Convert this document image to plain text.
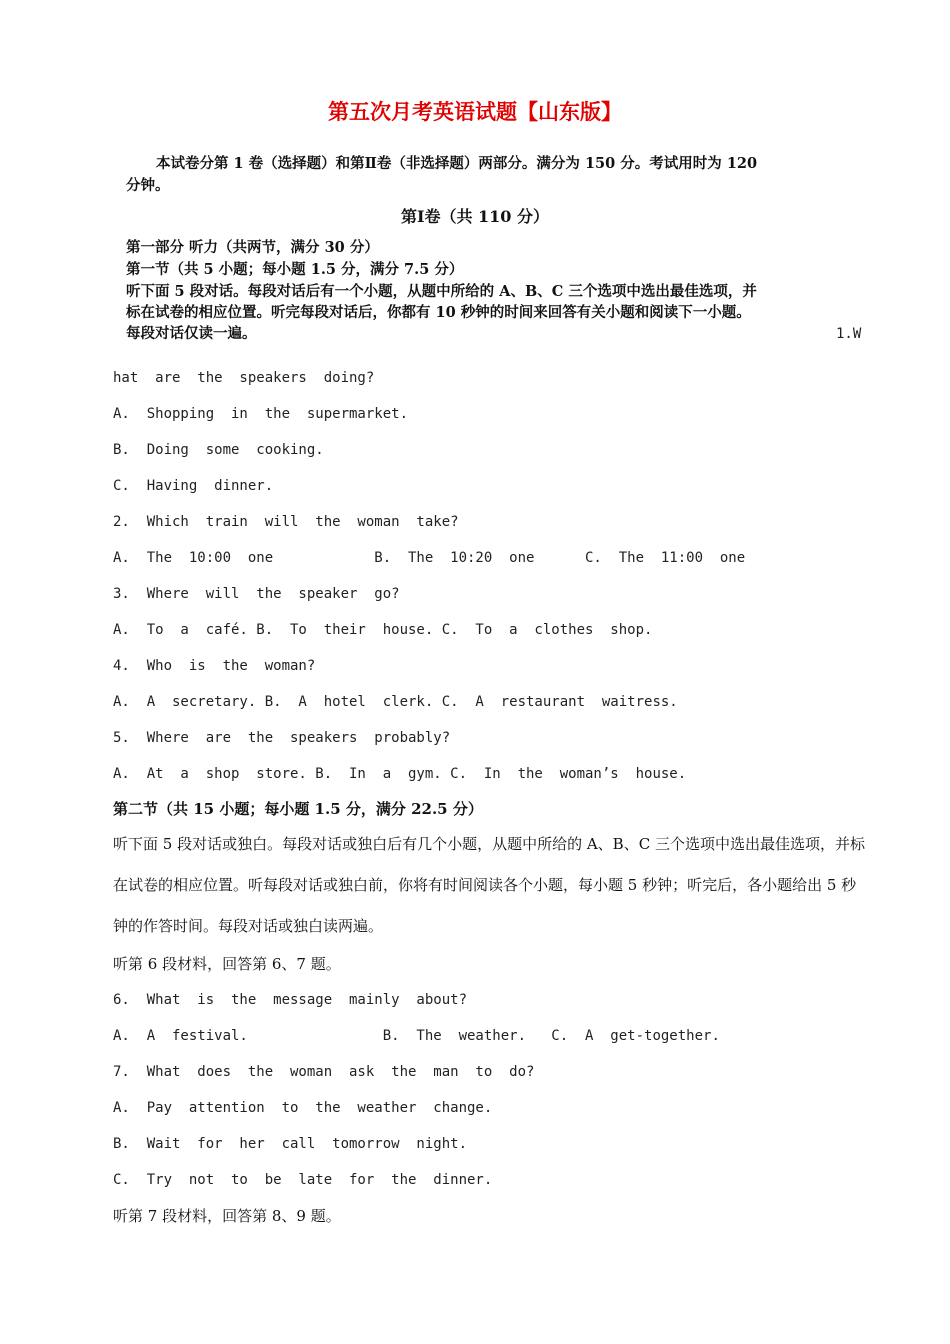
第五次月考英语试题【山东版】
本试卷分第 1 卷（选择题）和第Ⅱ卷（非选择题）两部分。满分为 150 分。考试用时为 120
分钟。
第Ⅰ卷（共 110 分）
第一部分 听力（共两节，满分 30 分）
第一节（共 5 小题；每小题 1.5 分，满分 7.5 分）
听下面 5 段对话。每段对话后有一个小题，从题中所给的 A、B、C 三个选项中选出最佳选项，并
标在试卷的相应位置。听完每段对话后，你都有 10 秒钟的时间来回答有关小题和阅读下一小题。
每段对话仅读一遍。	1.W
hat  are  the  speakers  doing?
A.  Shopping  in  the  supermarket.
B.  Doing  some  cooking.
C.  Having  dinner.
2.  Which  train  will  the  woman  take?
A.  The  10:00  one            B.  The  10:20  one      C.  The  11:00  one
3.  Where  will  the  speaker  go?
A.  To  a  café. B.  To  their  house. C.  To  a  clothes  shop.
4.  Who  is  the  woman?
A.  A  secretary. B.  A  hotel  clerk. C.  A  restaurant  waitress.
5.  Where  are  the  speakers  probably?
A.  At  a  shop  store. B.  In  a  gym. C.  In  the  woman’s  house.
第二节（共 15 小题；每小题 1.5 分，满分 22.5 分）
听下面 5 段对话或独白。每段对话或独白后有几个小题，从题中所给的 A、B、C 三个选项中选出最佳选项，并标在试卷的相应位置。听每段对话或独白前，你将有时间阅读各个小题，每小题 5 秒钟；听完后，各小题给出 5 秒钟的作答时间。每段对话或独白读两遍。
听第 6 段材料，回答第 6、7 题。
6.  What  is  the  message  mainly  about?
A.  A  festival.                B.  The  weather.   C.  A  get-together.
7.  What  does  the  woman  ask  the  man  to  do?
A.  Pay  attention  to  the  weather  change.
B.  Wait  for  her  call  tomorrow  night.
C.  Try  not  to  be  late  for  the  dinner.
听第 7 段材料，回答第 8、9 题。
